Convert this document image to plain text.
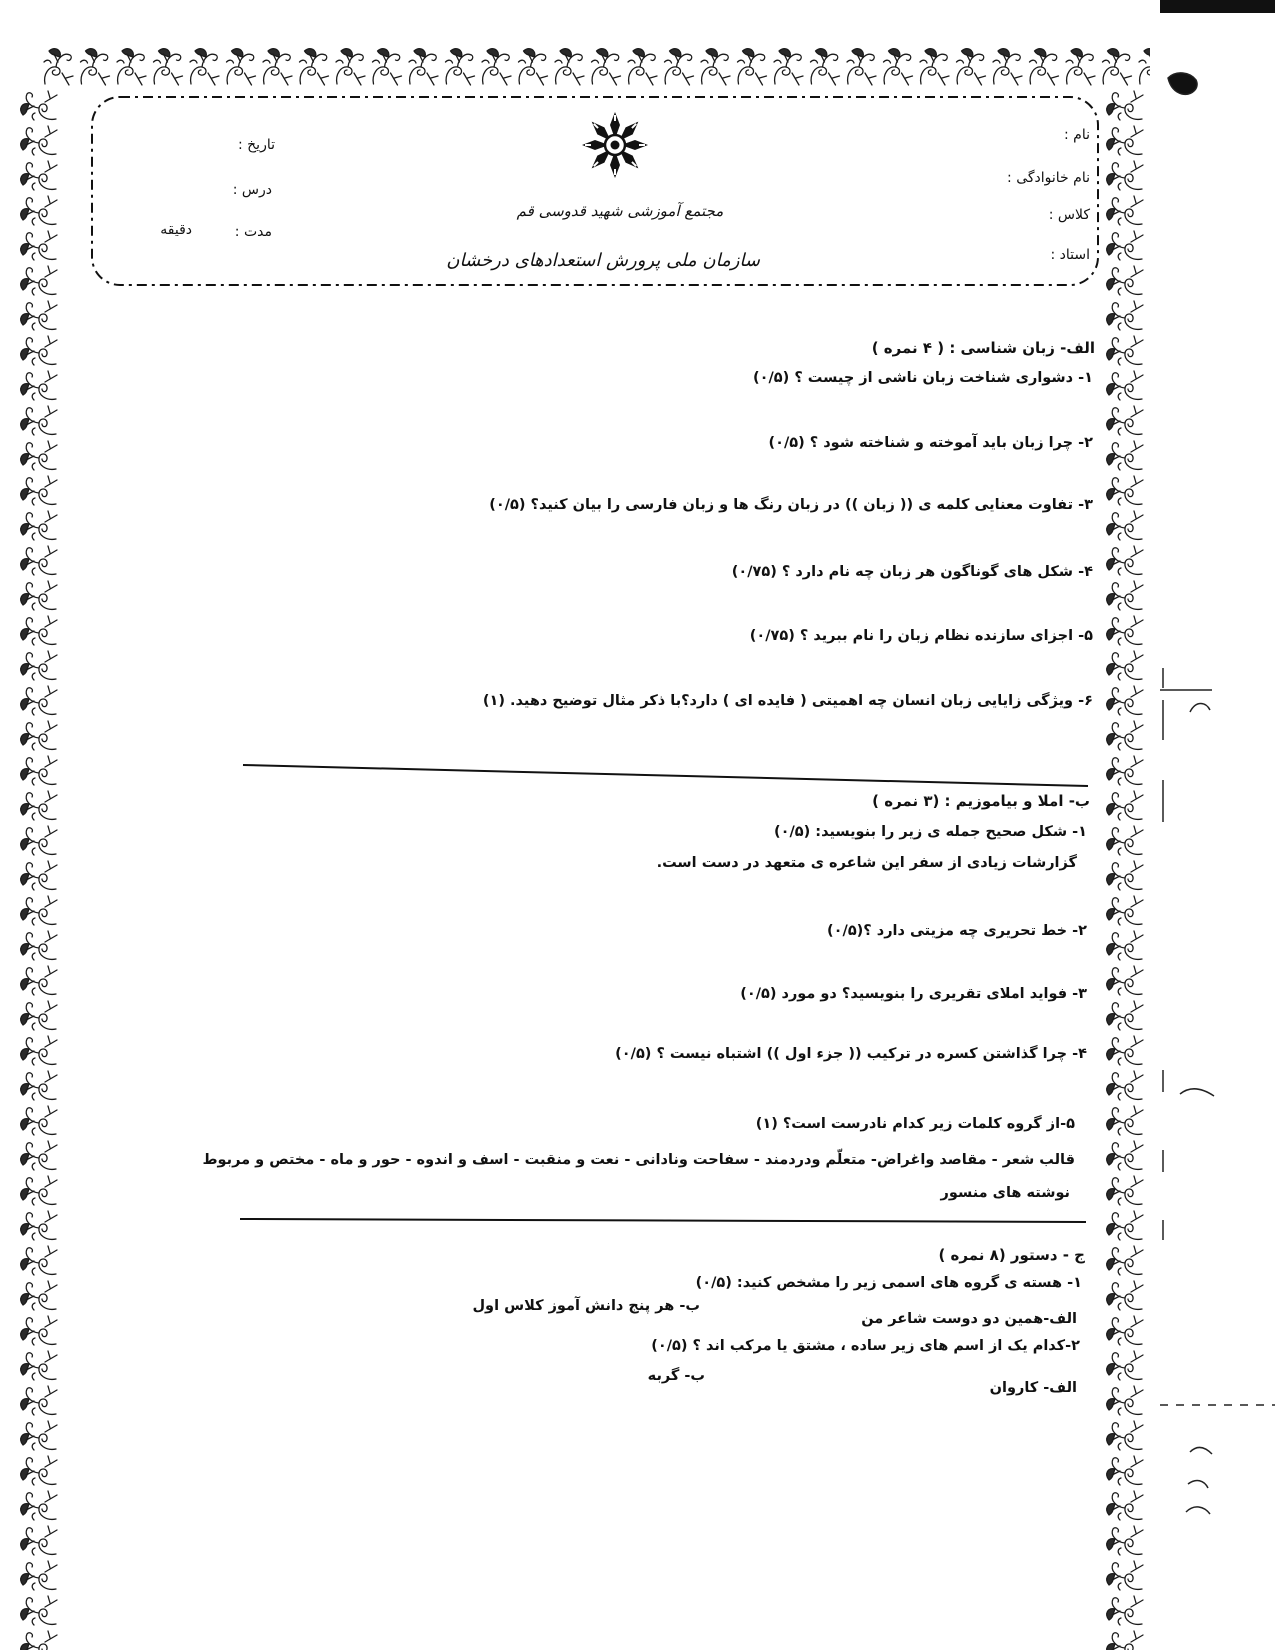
مجتمع آموزشی شهید قدوسی قم
سازمان ملی پرورش استعدادهای درخشان
نام :
نام خانوادگی :
کلاس :
استاد :
تاریخ :
درس :
مدت :
دقیقه
الف- زبان شناسی : ( ۴ نمره )
۱- دشواری شناخت زبان ناشی از چیست ؟ (۰/۵)
۲- چرا زبان باید آموخته و شناخته شود ؟ (۰/۵)
۳- تفاوت معنایی کلمه ی (( زبان )) در زبان رنگ ها و زبان فارسی را بیان کنید؟ (۰/۵)
۴- شکل های گوناگون هر زبان چه نام دارد ؟ (۰/۷۵)
۵- اجزای سازنده نظام زبان را نام ببرید ؟ (۰/۷۵)
۶- ویژگی زایایی زبان انسان چه اهمیتی ( فایده ای ) دارد؟با ذکر مثال توضیح دهید. (۱)
ب- املا و بیاموزیم : (۳ نمره )
۱- شکل صحیح جمله ی زیر را بنویسید: (۰/۵)
گزارشات زیادی از سفر این شاعره ی متعهد در دست است.
۲- خط تحریری چه مزیتی دارد ؟(۰/۵)
۳- فواید املای تقریری را بنویسید؟ دو مورد (۰/۵)
۴- چرا گذاشتن کسره در ترکیب (( جزء اول )) اشتباه نیست ؟ (۰/۵)
۵-از گروه کلمات زیر کدام نادرست است؟ (۱)
قالب شعر - مقاصد واغراض- متعلّم ودردمند - سفاحت ونادانی - نعت و منقبت - اسف و اندوه - حور و ماه - مختص و مربوط
نوشته های منسور
ج - دستور (۸ نمره )
۱- هسته ی گروه های اسمی زیر را مشخص کنید: (۰/۵)
الف-همین دو دوست شاعر من
ب- هر پنج دانش آموز کلاس اول
۲-کدام یک از اسم های زیر ساده ، مشتق یا مرکب اند ؟ (۰/۵)
الف- کاروان
ب- گربه
